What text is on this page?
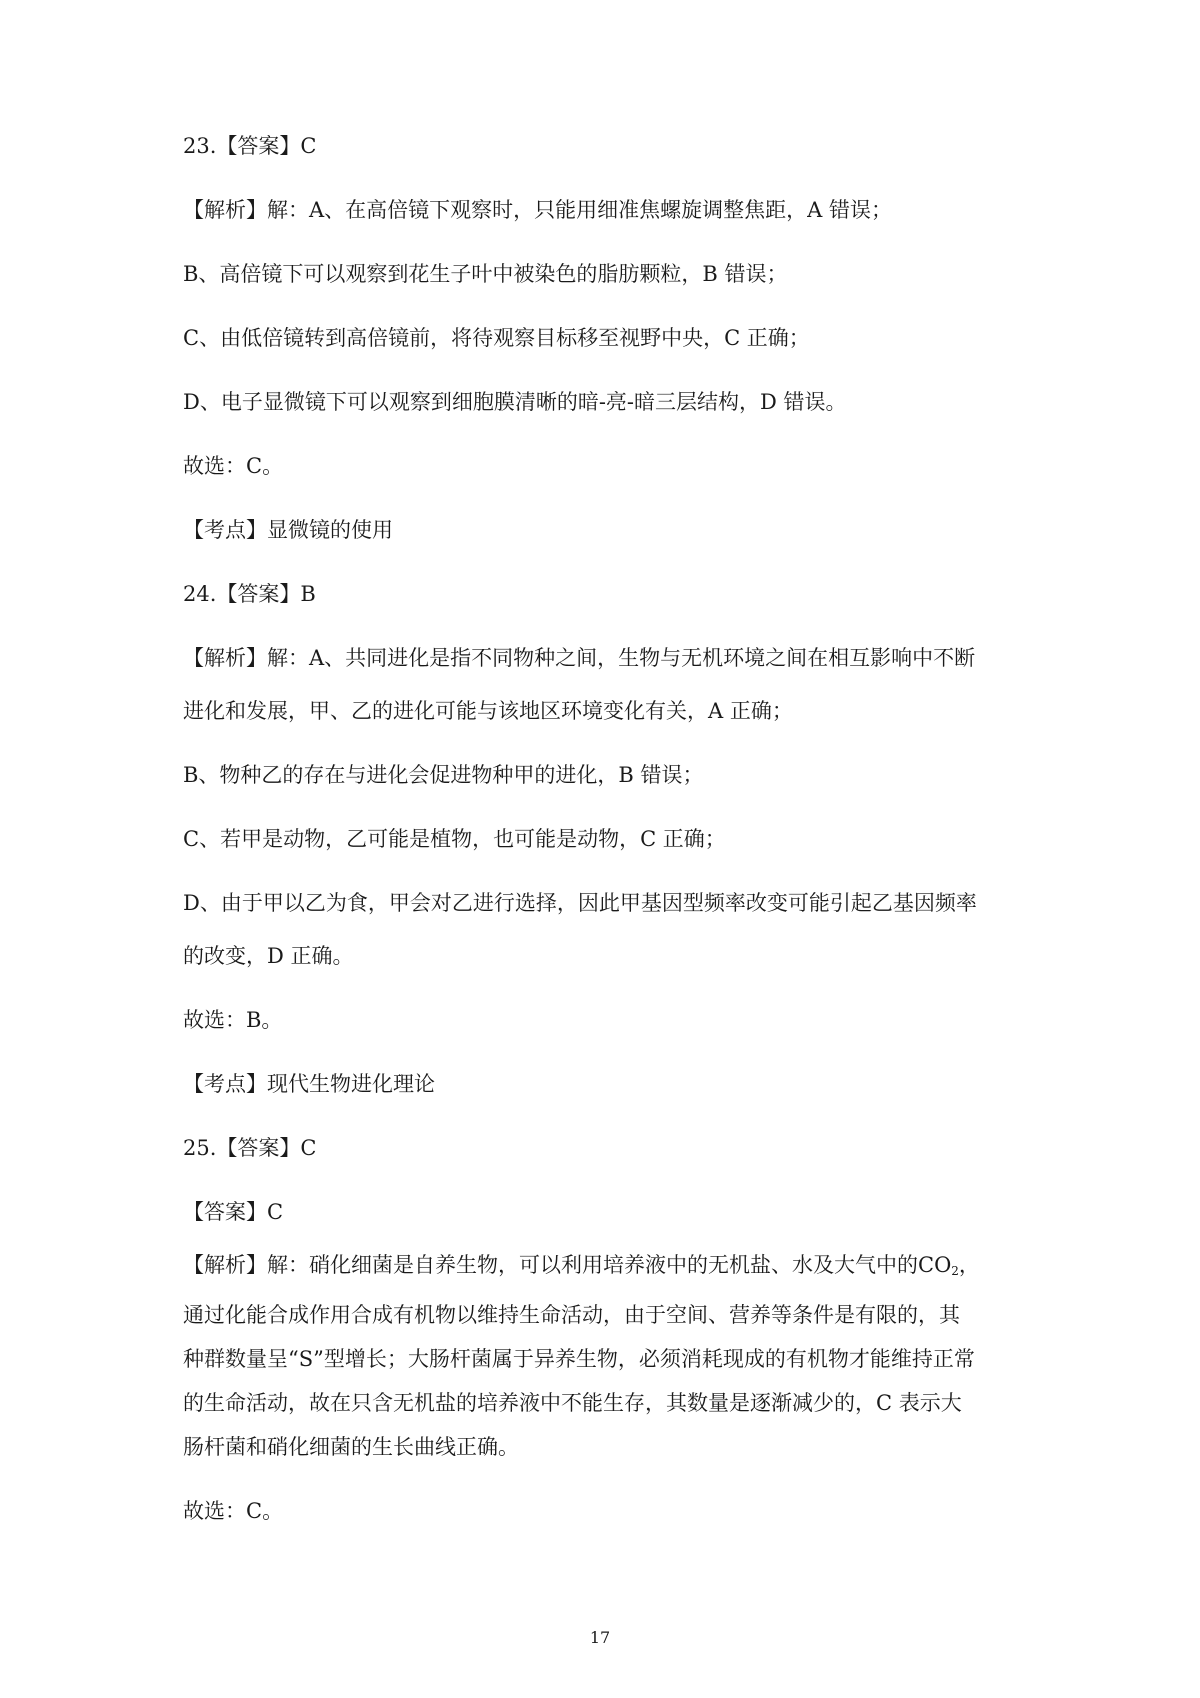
23.【答案】C

【解析】解：A、在高倍镜下观察时，只能用细准焦螺旋调整焦距，A 错误；

B、高倍镜下可以观察到花生子叶中被染色的脂肪颗粒，B 错误；

C、由低倍镜转到高倍镜前，将待观察目标移至视野中央，C 正确；

D、电子显微镜下可以观察到细胞膜清晰的暗-亮-暗三层结构，D 错误。

故选：C。

【考点】显微镜的使用

24.【答案】B

【解析】解：A、共同进化是指不同物种之间，生物与无机环境之间在相互影响中不断

进化和发展，甲、乙的进化可能与该地区环境变化有关，A 正确；

B、物种乙的存在与进化会促进物种甲的进化，B 错误；

C、若甲是动物，乙可能是植物，也可能是动物，C 正确；

D、由于甲以乙为食，甲会对乙进行选择，因此甲基因型频率改变可能引起乙基因频率

的改变，D 正确。

故选：B。

【考点】现代生物进化理论

25.【答案】C

【答案】C

【解析】解：硝化细菌是自养生物，可以利用培养液中的无机盐、水及大气中的$CO_2$，

通过化能合成作用合成有机物以维持生命活动，由于空间、营养等条件是有限的，其

种群数量呈“S”型增长；大肠杆菌属于异养生物，必须消耗现成的有机物才能维持正常

的生命活动，故在只含无机盐的培养液中不能生存，其数量是逐渐减少的，C 表示大

肠杆菌和硝化细菌的生长曲线正确。

故选：C。

17
